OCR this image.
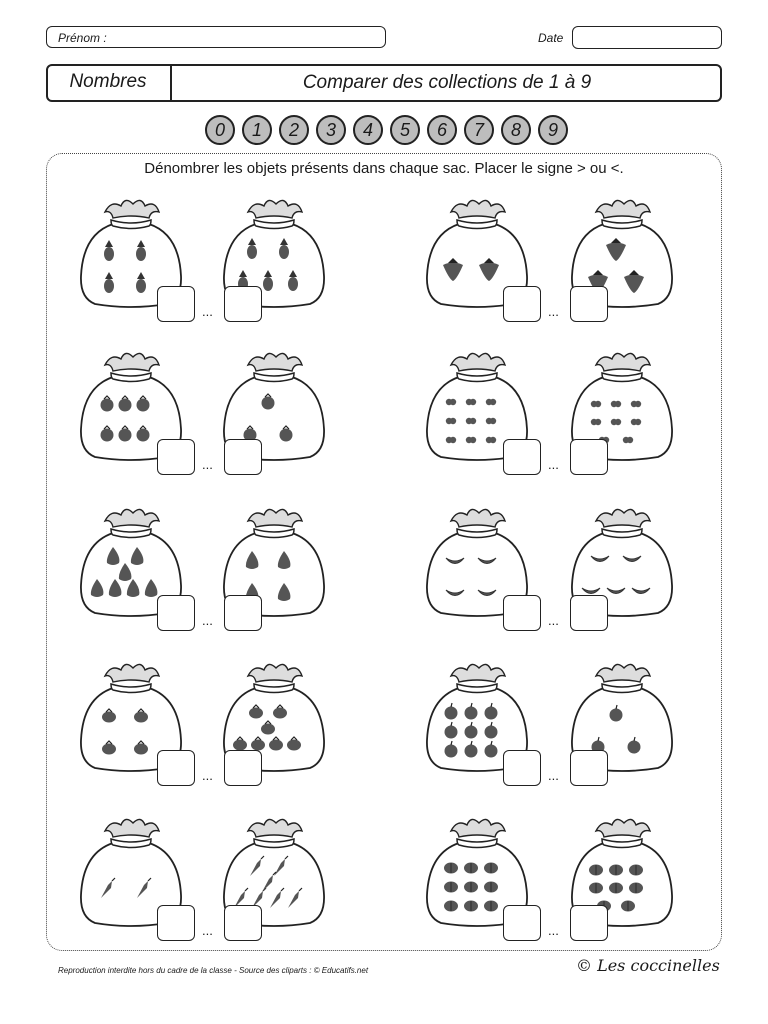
Prénom :	Date
Nombres	Comparer des collections de 1 à 9
0	1	2	3	4	5	6	7	8	9
Dénombrer les objets présents dans chaque sac. Placer le signe > ou <.
...	...
...	...
...	...
...	...
...	...
Reproduction interdite hors du cadre de la classe - Source des cliparts : © Educatifs.net	© Les coccinelles
